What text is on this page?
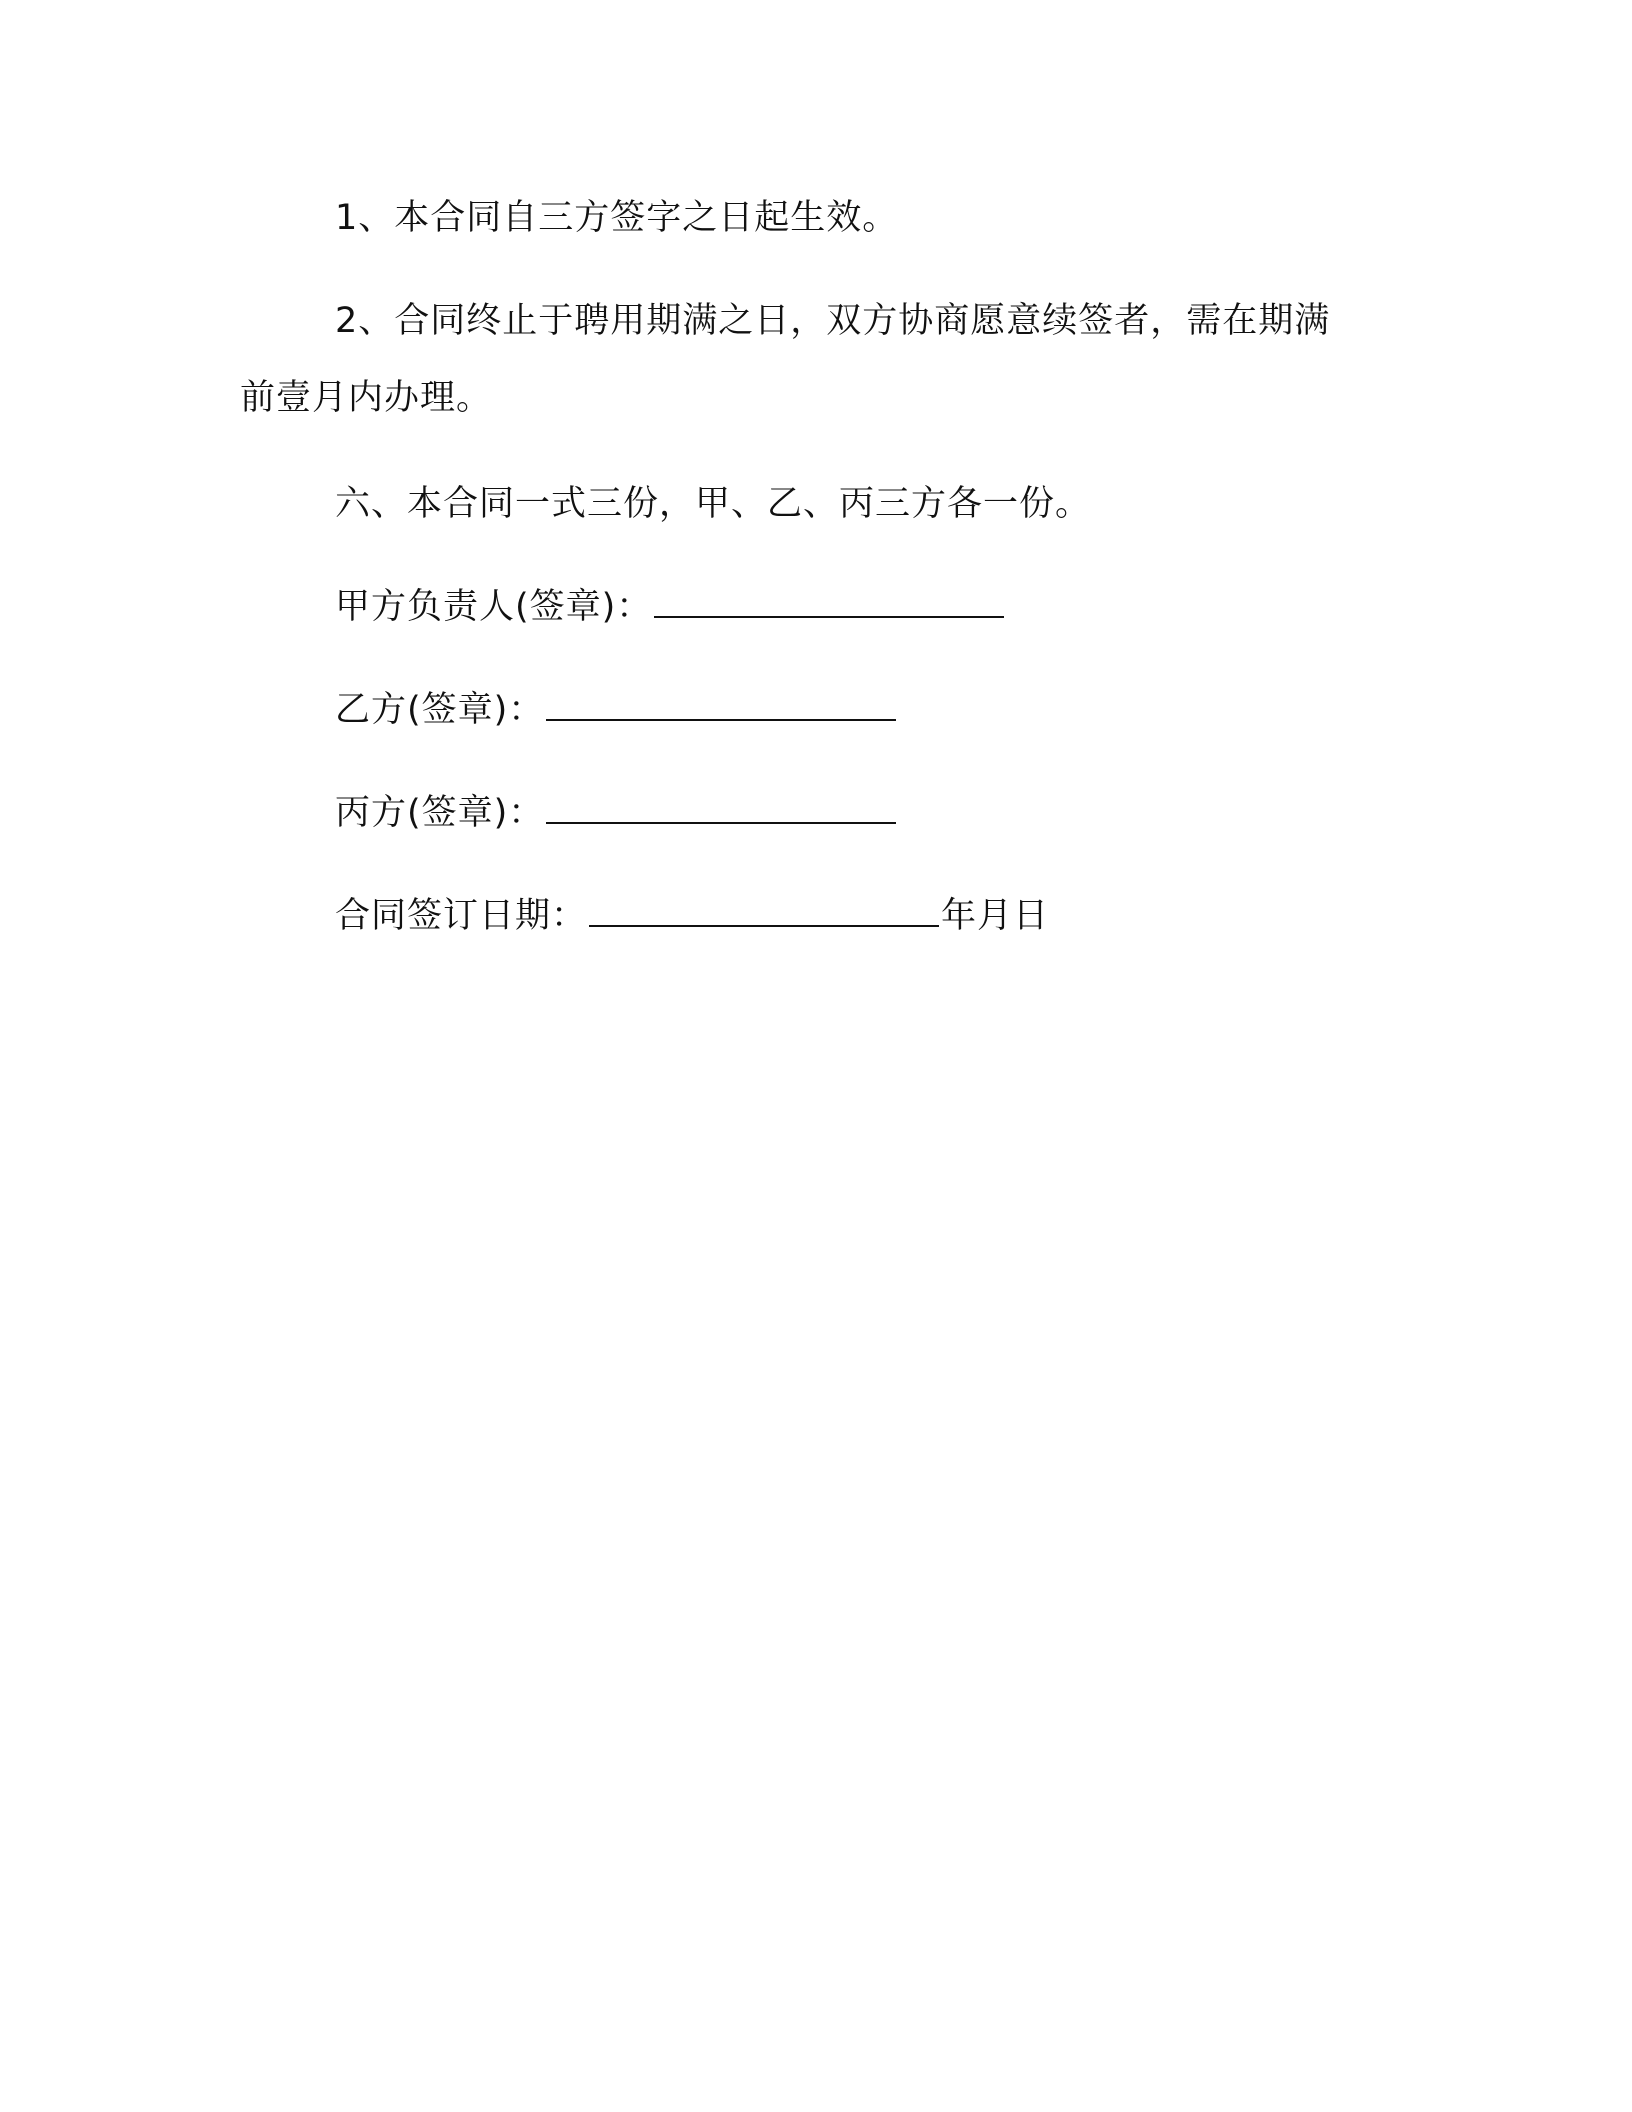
1、本合同自三方签字之日起生效。
2、合同终止于聘用期满之日，双方协商愿意续签者，需在期满
前壹月内办理。
六、本合同一式三份，甲、乙、丙三方各一份。
甲方负责人(签章)：
乙方(签章)：
丙方(签章)：
合同签订日期：	年月日
